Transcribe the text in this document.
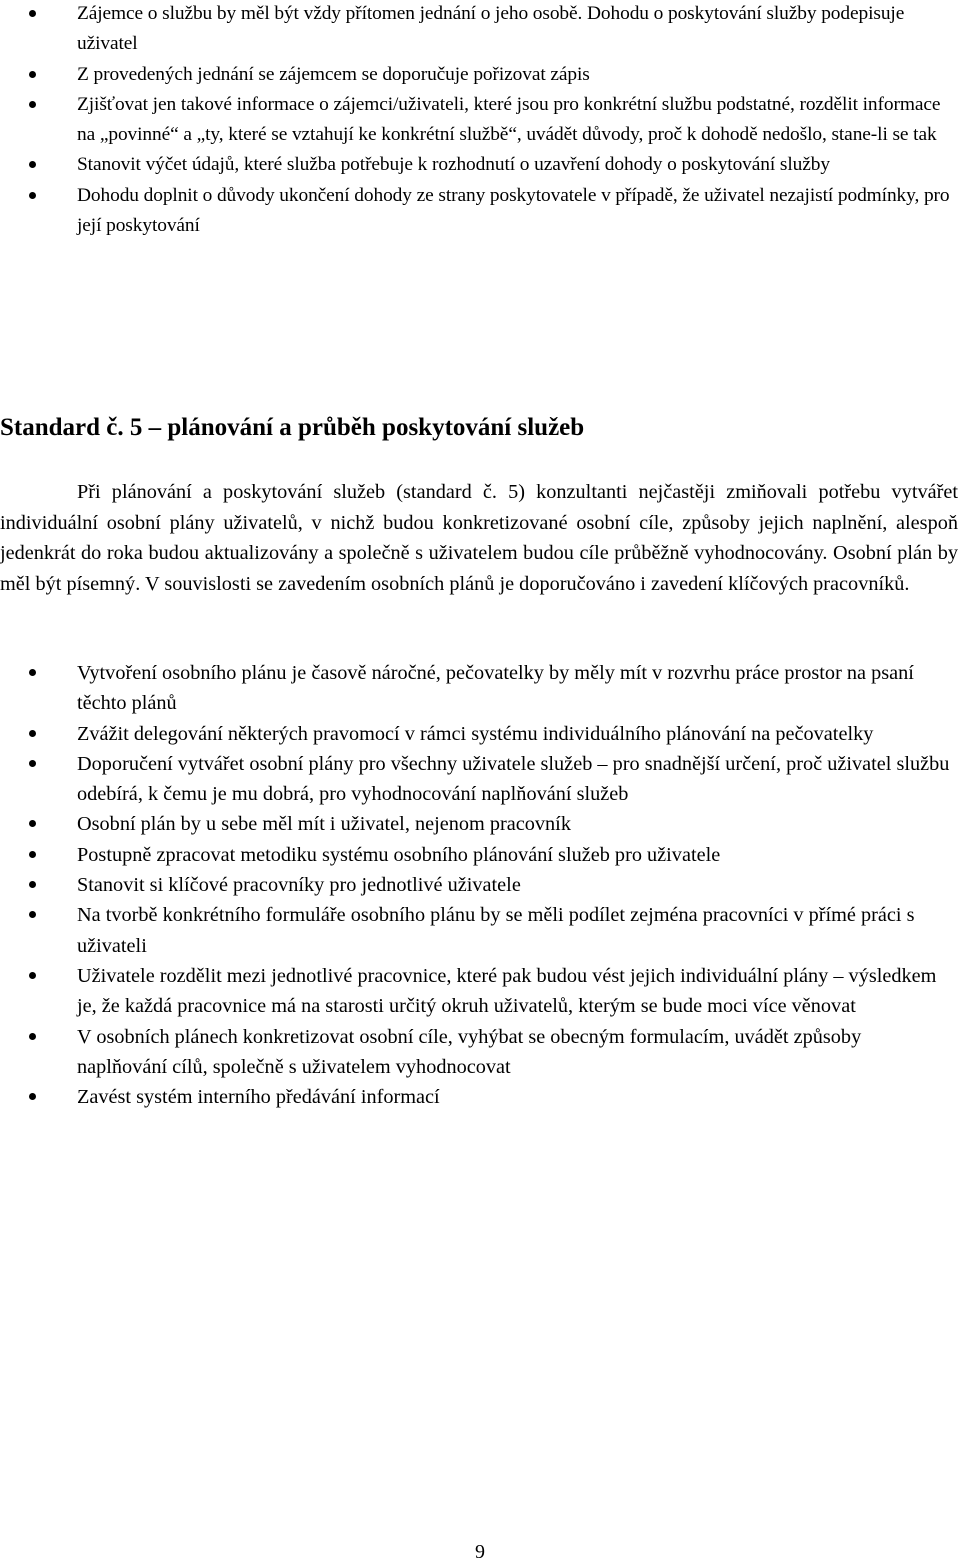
Zájemce o službu by měl být vždy přítomen jednání o jeho osobě. Dohodu o poskytování služby podepisuje uživatel
Z provedených jednání se zájemcem se doporučuje pořizovat zápis
Zjišťovat jen takové informace o zájemci/uživateli, které jsou pro konkrétní službu podstatné, rozdělit informace na „povinné“ a „ty, které se vztahují ke konkrétní službě“, uvádět důvody, proč k dohodě nedošlo, stane-li se tak
Stanovit výčet údajů, které služba potřebuje k rozhodnutí o uzavření dohody o poskytování služby
Dohodu doplnit o důvody ukončení dohody ze strany poskytovatele v případě, že uživatel nezajistí podmínky, pro její poskytování
Standard č. 5 – plánování a průběh poskytování služeb

Při plánování a poskytování služeb (standard č. 5) konzultanti nejčastěji zmiňovali potřebu vytvářet individuální osobní plány uživatelů, v nichž budou konkretizované osobní cíle, způsoby jejich naplnění, alespoň jedenkrát do roka budou aktualizovány a společně s uživatelem budou cíle průběžně vyhodnocovány. Osobní plán by měl být písemný. V souvislosti se zavedením osobních plánů je doporučováno i zavedení klíčových pracovníků.

Vytvoření osobního plánu je časově náročné, pečovatelky by měly mít v rozvrhu práce prostor na psaní těchto plánů
Zvážit delegování některých pravomocí v rámci systému individuálního plánování na pečovatelky
Doporučení vytvářet osobní plány pro všechny uživatele služeb – pro snadnější určení, proč uživatel službu odebírá, k čemu je mu dobrá, pro vyhodnocování naplňování služeb
Osobní plán by u sebe měl mít i uživatel, nejenom pracovník
Postupně zpracovat metodiku systému osobního plánování služeb pro uživatele
Stanovit si klíčové pracovníky pro jednotlivé uživatele
Na tvorbě konkrétního formuláře osobního plánu by se měli podílet zejména pracovníci v přímé práci s uživateli
Uživatele rozdělit mezi jednotlivé pracovnice, které pak budou vést jejich individuální plány – výsledkem je, že každá pracovnice má na starosti určitý okruh uživatelů, kterým se bude moci více věnovat
V osobních plánech konkretizovat osobní cíle, vyhýbat se obecným formulacím, uvádět způsoby naplňování cílů, společně s uživatelem vyhodnocovat
Zavést systém interního předávání informací
9
